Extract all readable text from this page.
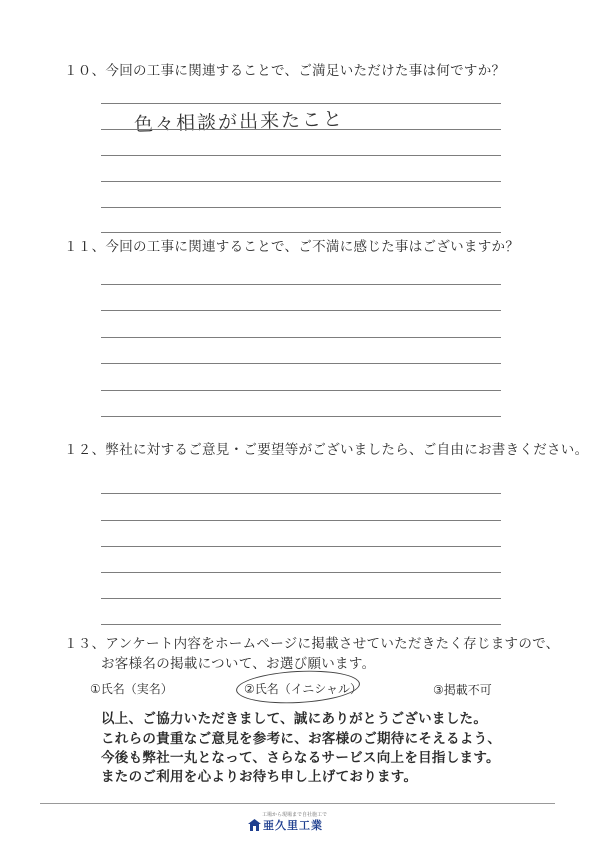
１０、今回の工事に関連することで、ご満足いただけた事は何ですか？
色々相談が出来たこと
１１、今回の工事に関連することで、ご不満に感じた事はございますか？
１２、弊社に対するご意見・ご要望等がございましたら、ご自由にお書きください。
１３、アンケート内容をホームページに掲載させていただきたく存じますので、
お客様名の掲載について、お選び願います。
①氏名（実名）	②氏名（イニシャル）	③掲載不可
以上、ご協力いただきまして、誠にありがとうございました。
これらの貴重なご意見を参考に、お客様のご期待にそえるよう、
今後も弊社一丸となって、さらなるサービス向上を目指します。
またのご利用を心よりお待ち申し上げております。
工場から現場まで自社施工で
亜久里工業
